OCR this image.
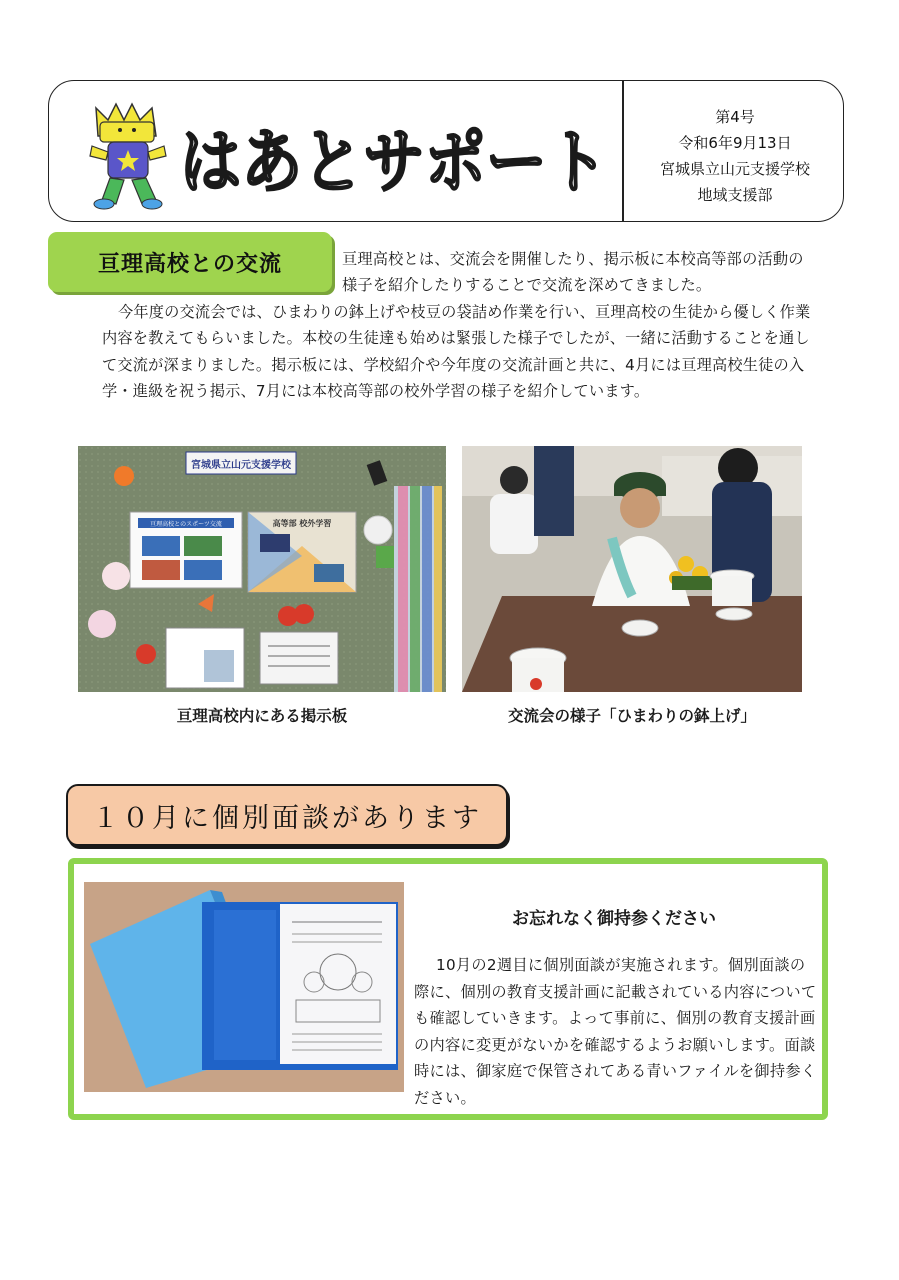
はあとサポート
第4号
令和6年9月13日
宮城県立山元支援学校
地域支援部
亘理高校との交流	亘理高校とは、交流会を開催したり、掲示板に本校高等部の活動の様子を紹介したりすることで交流を深めてきました。

今年度の交流会では、ひまわりの鉢上げや枝豆の袋詰め作業を行い、亘理高校の生徒から優しく作業内容を教えてもらいました。本校の生徒達も始めは緊張した様子でしたが、一緒に活動することを通して交流が深まりました。掲示板には、学校紹介や今年度の交流計画と共に、4月には亘理高校生徒の入学・進級を祝う掲示、7月には本校高等部の校外学習の様子を紹介しています。

宮城県立山元支援学校
亘理高校とのスポーツ交流	高等部 校外学習
亘理高校内にある掲示板	交流会の様子「ひまわりの鉢上げ」
１０月に個別面談があります
お忘れなく御持参ください

10月の2週目に個別面談が実施されます。個別面談の際に、個別の教育支援計画に記載されている内容についても確認していきます。よって事前に、個別の教育支援計画の内容に変更がないかを確認するようお願いします。面談時には、御家庭で保管されてある青いファイルを御持参ください。
